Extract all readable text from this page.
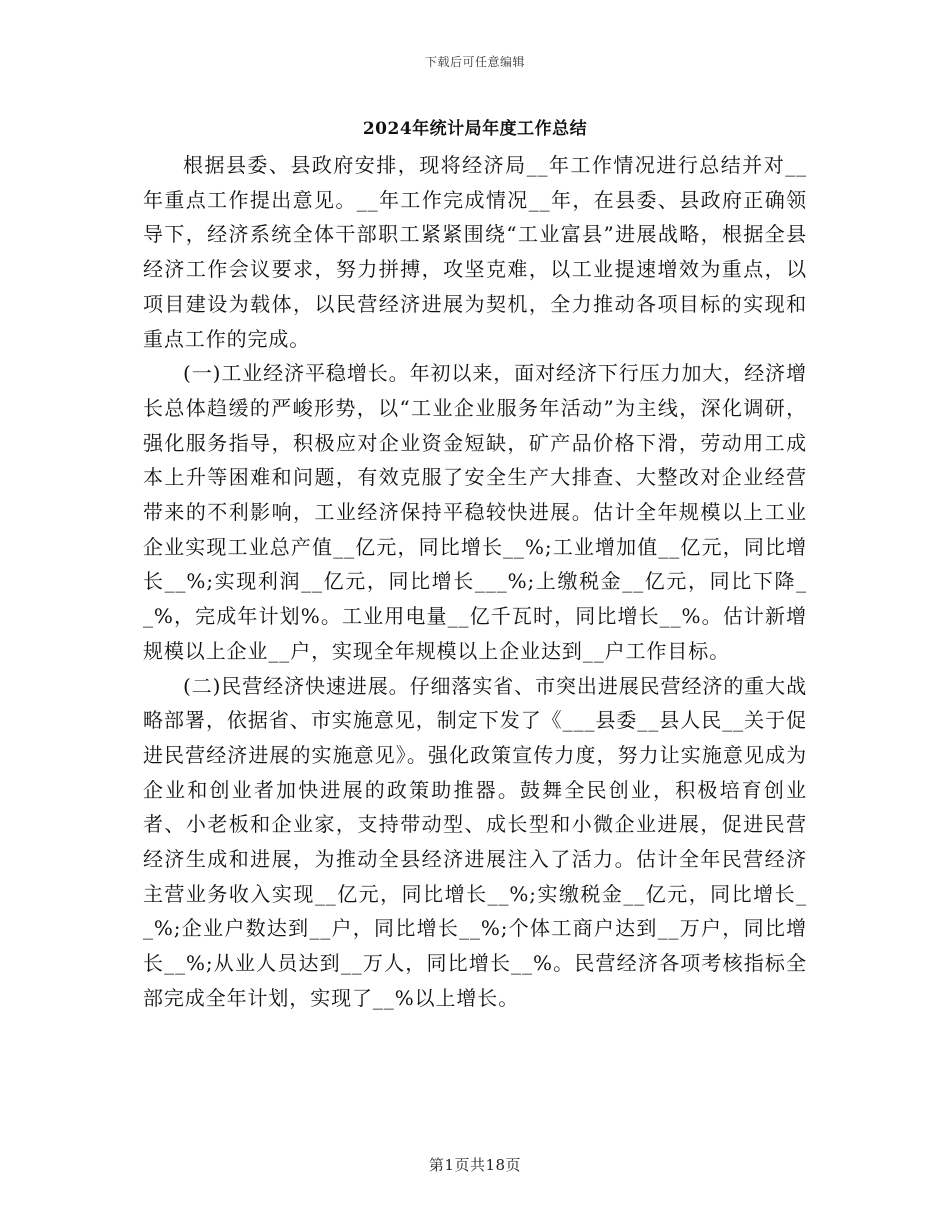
下载后可任意编辑
2024年统计局年度工作总结

根据县委、县政府安排，现将经济局__年工作情况进行总结并对__年重点工作提出意见。__年工作完成情况__年，在县委、县政府正确领导下，经济系统全体干部职工紧紧围绕“工业富县”进展战略，根据全县经济工作会议要求，努力拼搏，攻坚克难，以工业提速增效为重点，以项目建设为载体，以民营经济进展为契机，全力推动各项目标的实现和重点工作的完成。

(一)工业经济平稳增长。年初以来，面对经济下行压力加大，经济增长总体趋缓的严峻形势，以“工业企业服务年活动”为主线，深化调研，强化服务指导，积极应对企业资金短缺，矿产品价格下滑，劳动用工成本上升等困难和问题，有效克服了安全生产大排查、大整改对企业经营带来的不利影响，工业经济保持平稳较快进展。估计全年规模以上工业企业实现工业总产值__亿元，同比增长__%;工业增加值__亿元，同比增长__%;实现利润__亿元，同比增长___%;上缴税金__亿元，同比下降__%，完成年计划%。工业用电量__亿千瓦时，同比增长__%。估计新增规模以上企业__户，实现全年规模以上企业达到__户工作目标。

(二)民营经济快速进展。仔细落实省、市突出进展民营经济的重大战略部署，依据省、市实施意见，制定下发了《___县委__县人民__关于促进民营经济进展的实施意见》。强化政策宣传力度，努力让实施意见成为企业和创业者加快进展的政策助推器。鼓舞全民创业，积极培育创业者、小老板和企业家，支持带动型、成长型和小微企业进展，促进民营经济生成和进展，为推动全县经济进展注入了活力。估计全年民营经济主营业务收入实现__亿元，同比增长__%;实缴税金__亿元，同比增长__%;企业户数达到__户，同比增长__%;个体工商户达到__万户，同比增长__%;从业人员达到__万人，同比增长__%。民营经济各项考核指标全部完成全年计划，实现了__%以上增长。

第1页共18页
